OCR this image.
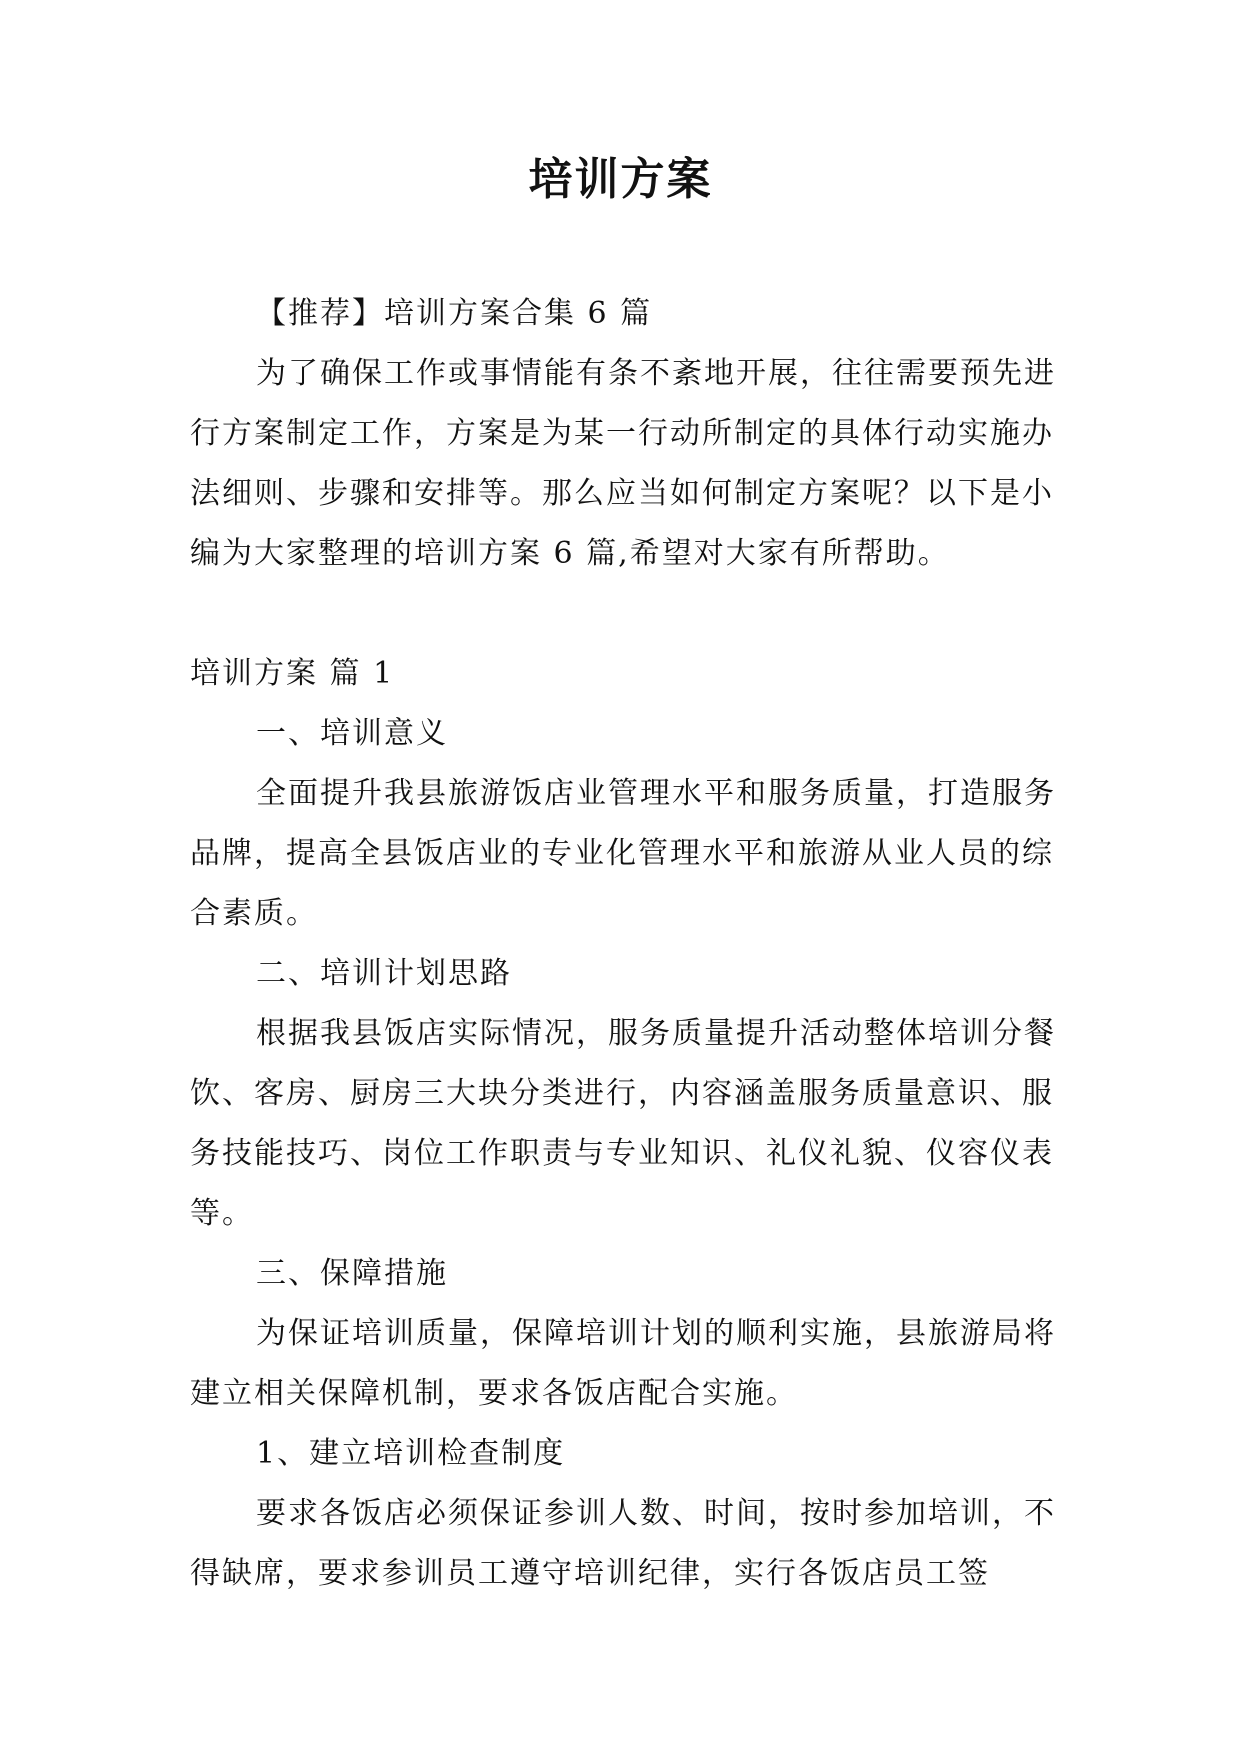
培训方案

【推荐】培训方案合集 6 篇

为了确保工作或事情能有条不紊地开展，往往需要预先进行方案制定工作，方案是为某一行动所制定的具体行动实施办法细则、步骤和安排等。那么应当如何制定方案呢？以下是小编为大家整理的培训方案 6 篇,希望对大家有所帮助。

培训方案 篇 1

一、培训意义

全面提升我县旅游饭店业管理水平和服务质量，打造服务品牌，提高全县饭店业的专业化管理水平和旅游从业人员的综合素质。

二、培训计划思路

根据我县饭店实际情况，服务质量提升活动整体培训分餐饮、客房、厨房三大块分类进行，内容涵盖服务质量意识、服务技能技巧、岗位工作职责与专业知识、礼仪礼貌、仪容仪表等。

三、保障措施

为保证培训质量，保障培训计划的顺利实施，县旅游局将建立相关保障机制，要求各饭店配合实施。

1、建立培训检查制度

要求各饭店必须保证参训人数、时间，按时参加培训，不得缺席，要求参训员工遵守培训纪律，实行各饭店员工签
